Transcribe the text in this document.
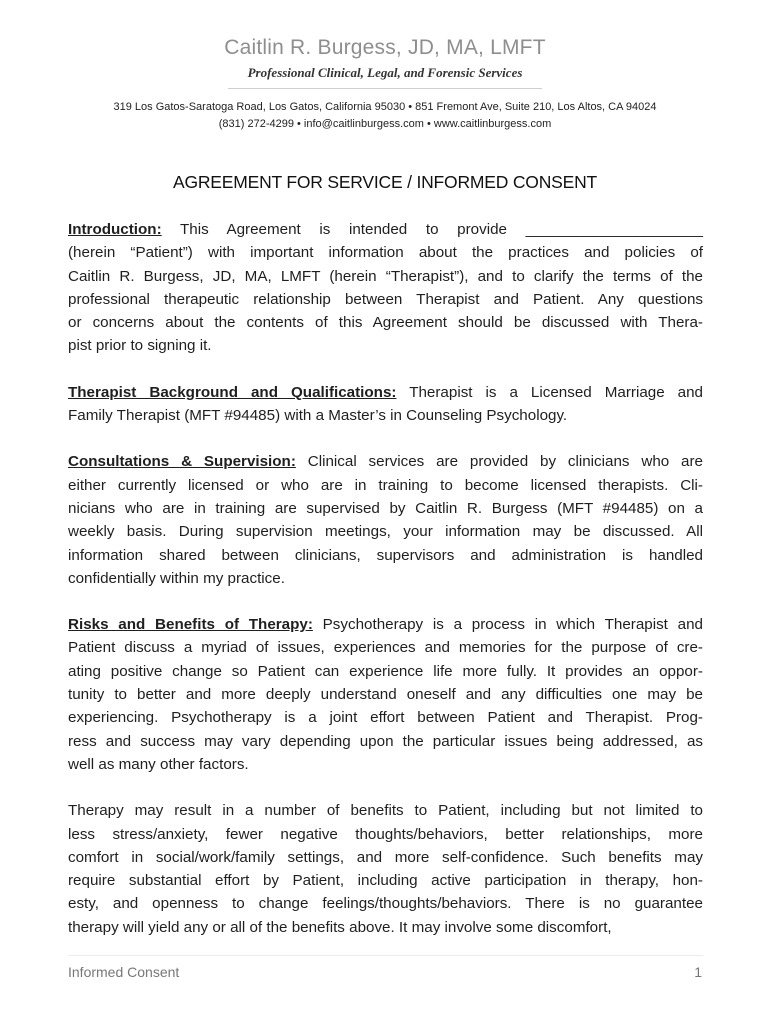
Caitlin R. Burgess, JD, MA, LMFT
Professional Clinical, Legal, and Forensic Services
319 Los Gatos-Saratoga Road, Los Gatos, California 95030 • 851 Fremont Ave, Suite 210, Los Altos, CA 94024
(831) 272-4299 • info@caitlinburgess.com • www.caitlinburgess.com
AGREEMENT FOR SERVICE / INFORMED CONSENT
Introduction: This Agreement is intended to provide _____________________
(herein “Patient”) with important information about the practices and policies of
Caitlin R. Burgess, JD, MA, LMFT (herein “Therapist”), and to clarify the terms of the
professional therapeutic relationship between Therapist and Patient. Any questions
or concerns about the contents of this Agreement should be discussed with Thera-
pist prior to signing it.
Therapist Background and Qualifications: Therapist is a Licensed Marriage and
Family Therapist (MFT #94485) with a Master’s in Counseling Psychology.
Consultations & Supervision: Clinical services are provided by clinicians who are
either currently licensed or who are in training to become licensed therapists. Cli-
nicians who are in training are supervised by Caitlin R. Burgess (MFT #94485) on a
weekly basis. During supervision meetings, your information may be discussed. All
information shared between clinicians, supervisors and administration is handled
confidentially within my practice.
Risks and Benefits of Therapy: Psychotherapy is a process in which Therapist and
Patient discuss a myriad of issues, experiences and memories for the purpose of cre-
ating positive change so Patient can experience life more fully. It provides an oppor-
tunity to better and more deeply understand oneself and any difficulties one may be
experiencing. Psychotherapy is a joint effort between Patient and Therapist. Prog-
ress and success may vary depending upon the particular issues being addressed, as
well as many other factors.
Therapy may result in a number of benefits to Patient, including but not limited to
less stress/anxiety, fewer negative thoughts/behaviors, better relationships, more
comfort in social/work/family settings, and more self-confidence. Such benefits may
require substantial effort by Patient, including active participation in therapy, hon-
esty, and openness to change feelings/thoughts/behaviors. There is no guarantee
therapy will yield any or all of the benefits above. It may involve some discomfort,
Informed Consent	1
